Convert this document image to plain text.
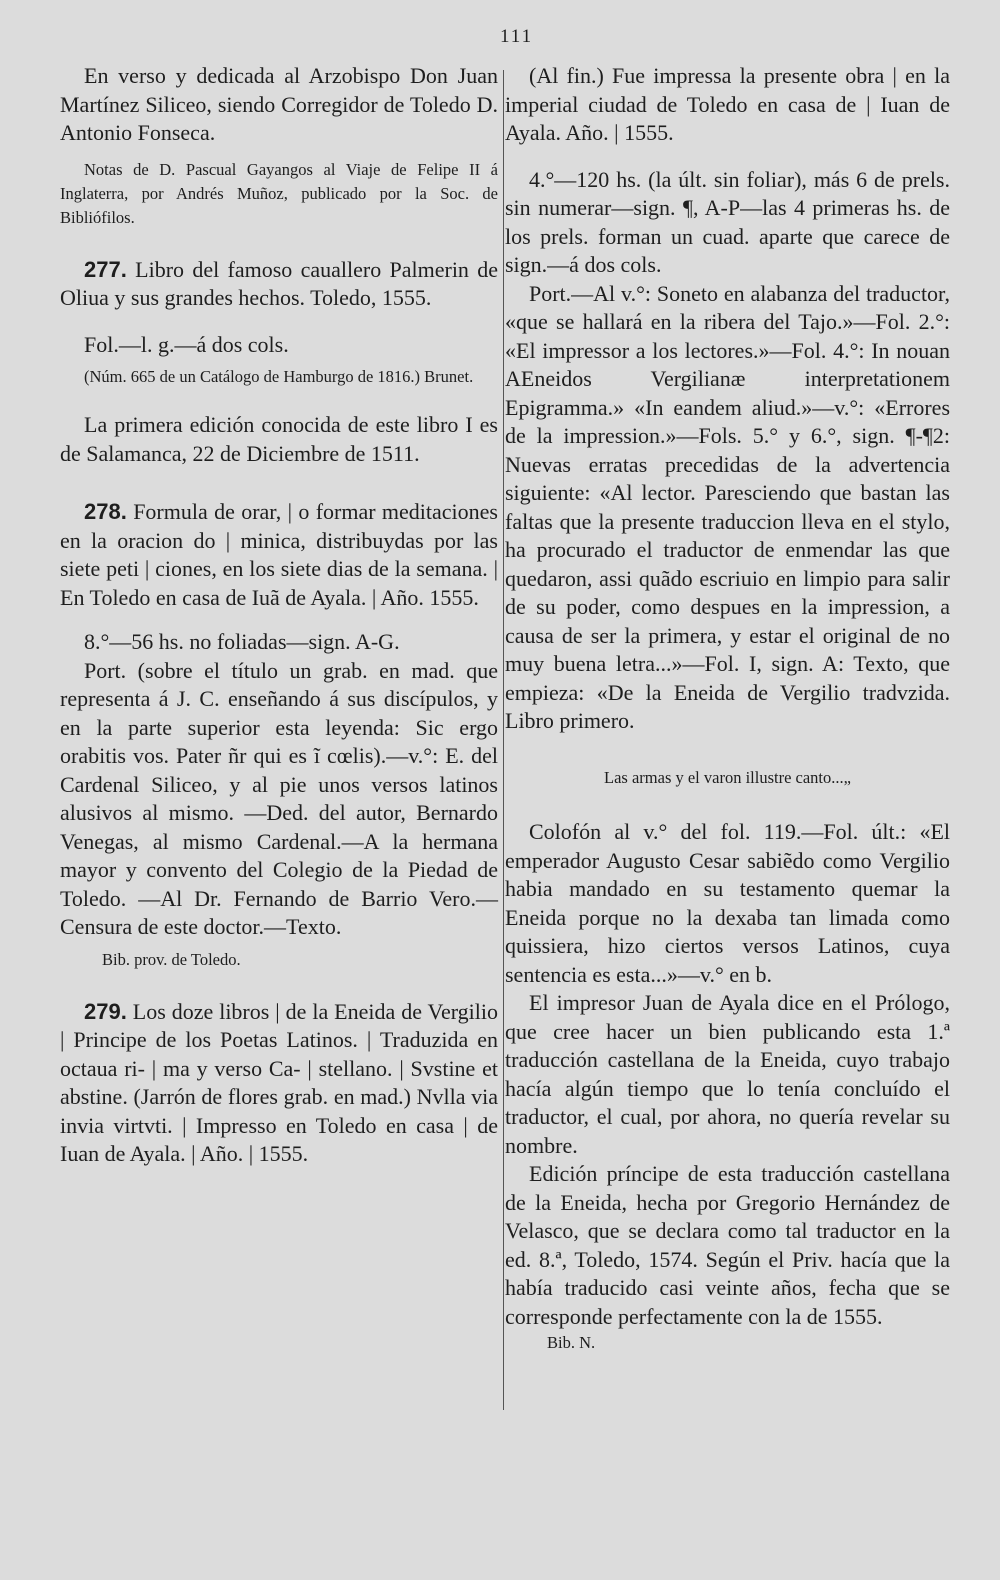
111

En verso y dedicada al Arzobispo Don Juan Martínez Siliceo, siendo Corregidor de Toledo D. Antonio Fonseca.

Notas de D. Pascual Gayangos al Viaje de Felipe II á Inglaterra, por Andrés Muñoz, publicado por la Soc. de Bibliófilos.

277. Libro del famoso cauallero Palmerin de Oliua y sus grandes hechos. Toledo, 1555.

Fol.—l. g.—á dos cols.

(Núm. 665 de un Catálogo de Hamburgo de 1816.) Brunet.

La primera edición conocida de este libro I es de Salamanca, 22 de Diciembre de 1511.

278. Formula de orar, | o formar meditaciones en la oracion do | minica, distribuydas por las siete peti | ciones, en los siete dias de la semana. | En Toledo en casa de Iuã de Ayala. | Año. 1555.

8.°—56 hs. no foliadas—sign. A-G.

Port. (sobre el título un grab. en mad. que representa á J. C. enseñando á sus discípulos, y en la parte superior esta leyenda: Sic ergo orabitis vos. Pater ñr qui es ĩ cœlis).—v.°: E. del Cardenal Siliceo, y al pie unos versos latinos alusivos al mismo. —Ded. del autor, Bernardo Venegas, al mismo Cardenal.—A la hermana mayor y convento del Colegio de la Piedad de Toledo. —Al Dr. Fernando de Barrio Vero.—Censura de este doctor.—Texto.

Bib. prov. de Toledo.

279. Los doze libros | de la Eneida de Vergilio | Principe de los Poetas Latinos. | Traduzida en octaua ri- | ma y verso Ca- | stellano. | Svstine et abstine. (Jarrón de flores grab. en mad.) Nvlla via invia virtvti. | Impresso en Toledo en casa | de Iuan de Ayala. | Año. | 1555.

(Al fin.) Fue impressa la presente obra | en la imperial ciudad de Toledo en casa de | Iuan de Ayala. Año. | 1555.

4.°—120 hs. (la últ. sin foliar), más 6 de prels. sin numerar—sign. ¶, A-P—las 4 primeras hs. de los prels. forman un cuad. aparte que carece de sign.—á dos cols.

Port.—Al v.°: Soneto en alabanza del traductor, «que se hallará en la ribera del Tajo.»—Fol. 2.°: «El impressor a los lectores.»—Fol. 4.°: In nouan AEneidos Vergilianæ interpretationem Epigramma.» «In eandem aliud.»—v.°: «Errores de la impression.»—Fols. 5.° y 6.°, sign. ¶-¶2: Nuevas erratas precedidas de la advertencia siguiente: «Al lector. Paresciendo que bastan las faltas que la presente traduccion lleva en el stylo, ha procurado el traductor de enmendar las que quedaron, assi quãdo escriuio en limpio para salir de su poder, como despues en la impression, a causa de ser la primera, y estar el original de no muy buena letra...»—Fol. I, sign. A: Texto, que empieza: «De la Eneida de Vergilio tradvzida. Libro primero.

Las armas y el varon illustre canto...„

Colofón al v.° del fol. 119.—Fol. últ.: «El emperador Augusto Cesar sabiẽdo como Vergilio habia mandado en su testamento quemar la Eneida porque no la dexaba tan limada como quissiera, hizo ciertos versos Latinos, cuya sentencia es esta...»—v.° en b.

El impresor Juan de Ayala dice en el Prólogo, que cree hacer un bien publicando esta 1.ª traducción castellana de la Eneida, cuyo trabajo hacía algún tiempo que lo tenía concluído el traductor, el cual, por ahora, no quería revelar su nombre.

Edición príncipe de esta traducción castellana de la Eneida, hecha por Gregorio Hernández de Velasco, que se declara como tal traductor en la ed. 8.ª, Toledo, 1574. Según el Priv. hacía que la había traducido casi veinte años, fecha que se corresponde perfectamente con la de 1555.

Bib. N.
